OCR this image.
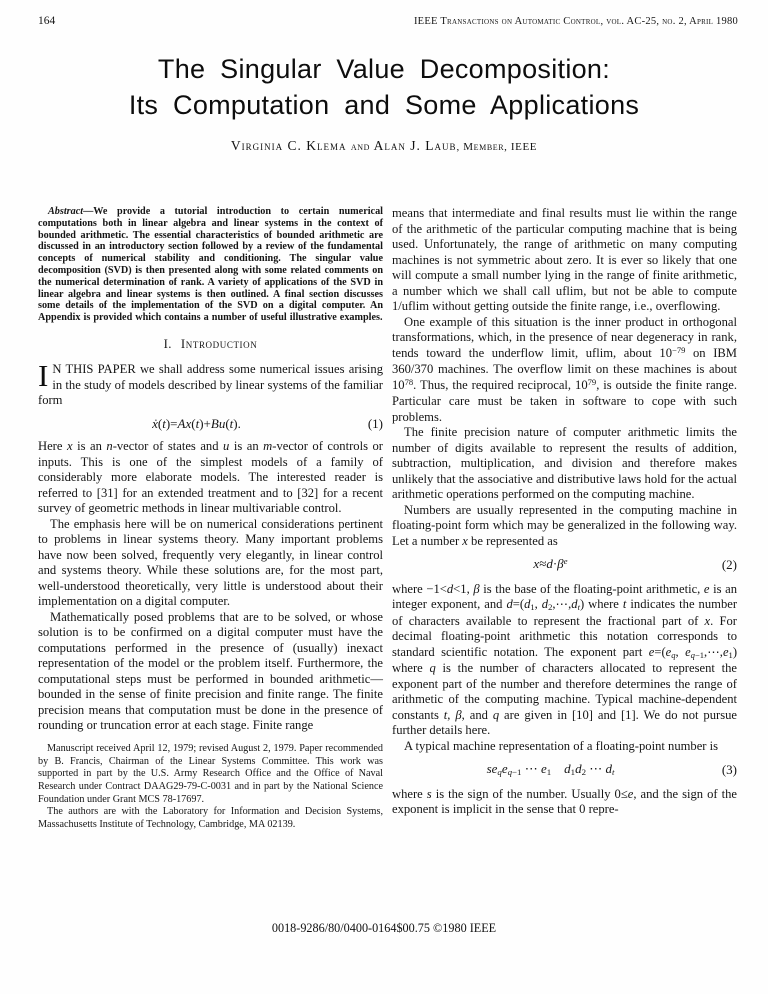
164	IEEE Transactions on Automatic Control, vol. AC-25, no. 2, April 1980
The Singular Value Decomposition:
Its Computation and Some Applications
Virginia C. Klema and Alan J. Laub, Member, IEEE

Abstract—We provide a tutorial introduction to certain numerical computations both in linear algebra and linear systems in the context of bounded arithmetic. The essential characteristics of bounded arithmetic are discussed in an introductory section followed by a review of the fundamental concepts of numerical stability and conditioning. The singular value decomposition (SVD) is then presented along with some related comments on the numerical determination of rank. A variety of applications of the SVD in linear algebra and linear systems is then outlined. A final section discusses some details of the implementation of the SVD on a digital computer. An Appendix is provided which contains a number of useful illustrative examples.

I. Introduction

I N THIS PAPER we shall address some numerical issues arising in the study of models described by linear systems of the familiar form

ẋ(t)=Ax(t)+Bu(t).	(1)

Here x is an n-vector of states and u is an m-vector of controls or inputs. This is one of the simplest models of a family of considerably more elaborate models. The interested reader is referred to [31] for an extended treatment and to [32] for a recent survey of geometric methods in linear multivariable control.

The emphasis here will be on numerical considerations pertinent to problems in linear systems theory. Many important problems have now been solved, frequently very elegantly, in linear control and systems theory. While these solutions are, for the most part, well-understood theoretically, very little is understood about their implementation on a digital computer.

Mathematically posed problems that are to be solved, or whose solution is to be confirmed on a digital computer must have the computations performed in the presence of (usually) inexact representation of the model or the problem itself. Furthermore, the computational steps must be performed in bounded arithmetic—bounded in the sense of finite precision and finite range. The finite precision means that computation must be done in the presence of rounding or truncation error at each stage. Finite range

Manuscript received April 12, 1979; revised August 2, 1979. Paper recommended by B. Francis, Chairman of the Linear Systems Committee. This work was supported in part by the U.S. Army Research Office and the Office of Naval Research under Contract DAAG29-79-C-0031 and in part by the National Science Foundation under Grant MCS 78-17697.

The authors are with the Laboratory for Information and Decision Systems, Massachusetts Institute of Technology, Cambridge, MA 02139.

means that intermediate and final results must lie within the range of the arithmetic of the particular computing machine that is being used. Unfortunately, the range of arithmetic on many computing machines is not symmetric about zero. It is ever so likely that one will compute a small number lying in the range of finite arithmetic, a number which we shall call uflim, but not be able to compute 1/uflim without getting outside the finite range, i.e., overflowing.

One example of this situation is the inner product in orthogonal transformations, which, in the presence of near degeneracy in rank, tends toward the underflow limit, uflim, about $10^{-79}$ on IBM 360/370 machines. The overflow limit on these machines is about $10^{78}$. Thus, the required reciprocal, $10^{79}$, is outside the finite range. Particular care must be taken in software to cope with such problems.

The finite precision nature of computer arithmetic limits the number of digits available to represent the results of addition, subtraction, multiplication, and division and therefore makes unlikely that the associative and distributive laws hold for the actual arithmetic operations performed on the computing machine.

Numbers are usually represented in the computing machine in floating-point form which may be generalized in the following way. Let a number x be represented as

$x\approx d\cdot\beta^e$	(2)

where −1<d<1, β is the base of the floating-point arithmetic, e is an integer exponent, and $d=(d_1$, $d_2,\cdots,d_t$) where t indicates the number of characters available to represent the fractional part of x. For decimal floating-point arithmetic this notation corresponds to standard scientific notation. The exponent part $e=(e_q$, $e_{q-1},\cdots,e_1$) where q is the number of characters allocated to represent the exponent part of the number and therefore determines the range of arithmetic of the computing machine. Typical machine-dependent constants t, β, and q are given in [10] and [1]. We do not pursue further details here.

A typical machine representation of a floating-point number is

$se_qe_{q-1}$ ⋯ $e_1$  $d_1d_2$ ⋯ $d_t$	(3)

where s is the sign of the number. Usually 0≤e, and the sign of the exponent is implicit in the sense that 0 repre-

0018-9286/80/0400-0164$00.75 ©1980 IEEE
